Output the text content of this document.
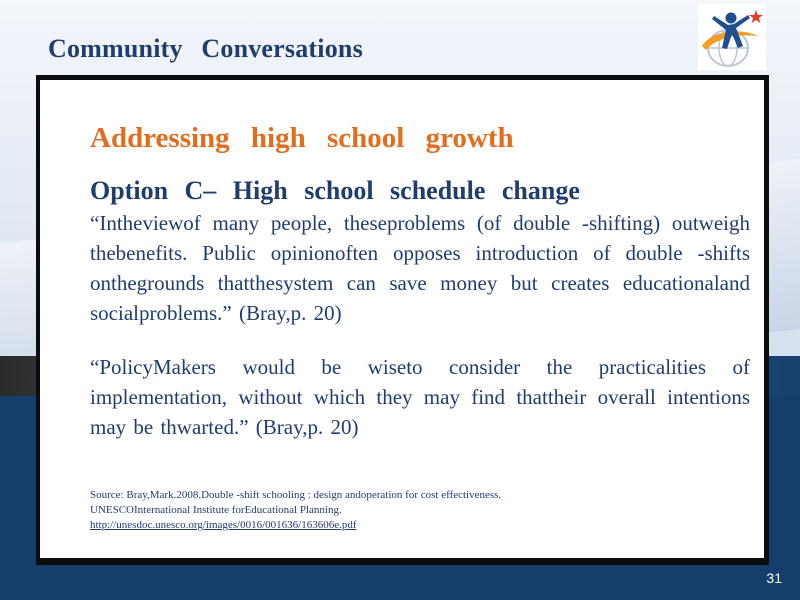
Community Conversations
Addressing high school growth
Option C– High school schedule change

“Intheviewof many people, theseproblems (of double -shifting) outweigh thebenefits. Public opinionoften opposes introduction of double -shifts onthegrounds thatthesystem can save money but creates educationaland socialproblems.” (Bray,p. 20)

“PolicyMakers would be wiseto consider the practicalities of implementation, without which they may find thattheir overall intentions may be thwarted.” (Bray,p. 20)

Source: Bray,Mark.2008.Double -shift schooling : design andoperation for cost effectiveness.
UNESCOInternational Institute forEducational Planning.
http://unesdoc.unesco.org/images/0016/001636/163606e.pdf
31
